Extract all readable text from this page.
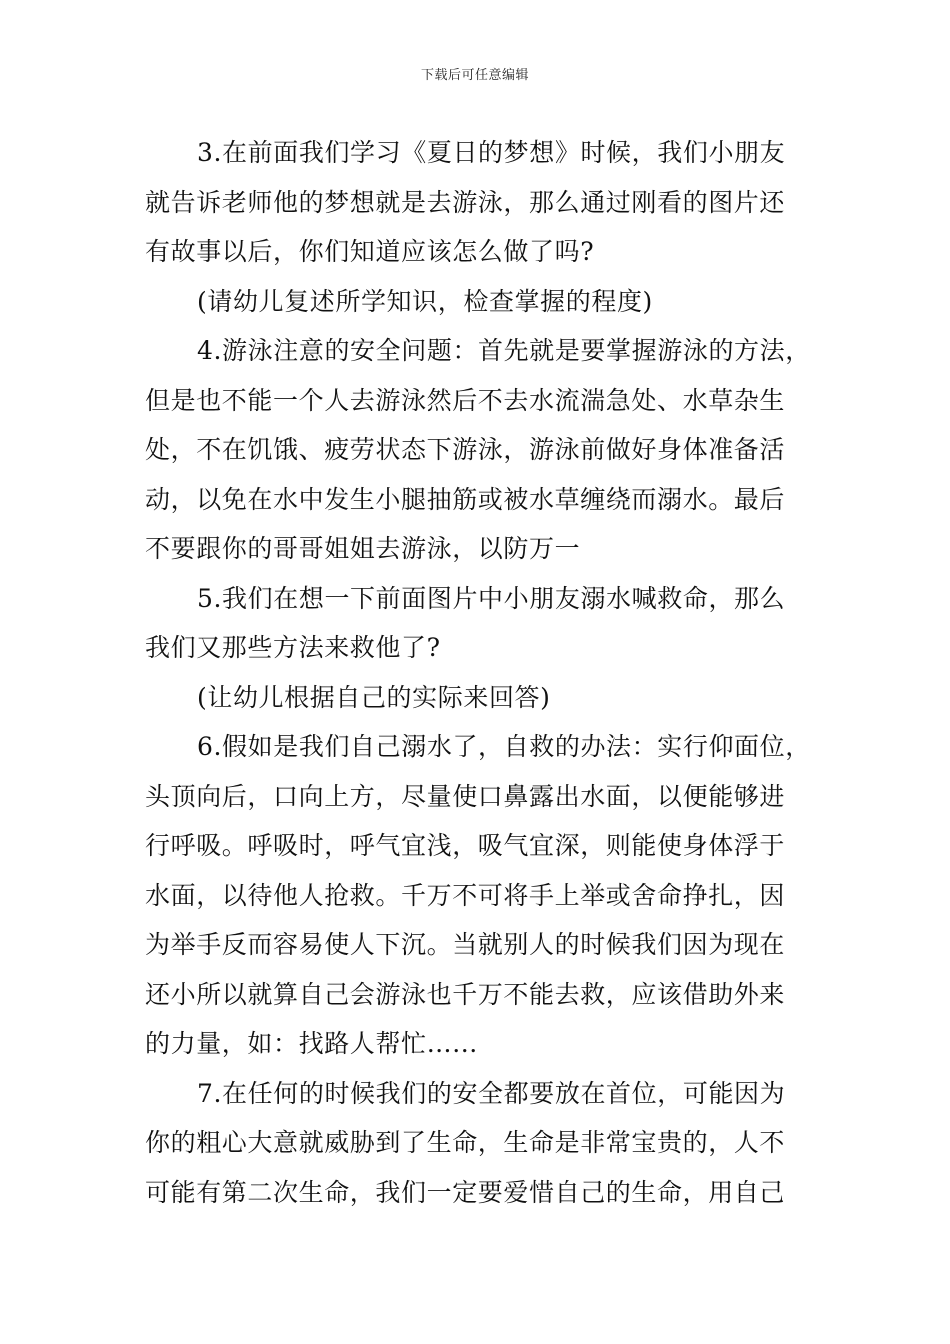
下载后可任意编辑
3.在前面我们学习《夏日的梦想》时候，我们小朋友
就告诉老师他的梦想就是去游泳，那么通过刚看的图片还
有故事以后，你们知道应该怎么做了吗?
(请幼儿复述所学知识，检查掌握的程度)
4.游泳注意的安全问题：首先就是要掌握游泳的方法，
但是也不能一个人去游泳然后不去水流湍急处、水草杂生
处，不在饥饿、疲劳状态下游泳，游泳前做好身体准备活
动，以免在水中发生小腿抽筋或被水草缠绕而溺水。最后
不要跟你的哥哥姐姐去游泳，以防万一
5.我们在想一下前面图片中小朋友溺水喊救命，那么
我们又那些方法来救他了?
(让幼儿根据自己的实际来回答)
6.假如是我们自己溺水了，自救的办法：实行仰面位，
头顶向后，口向上方，尽量使口鼻露出水面，以便能够进
行呼吸。呼吸时，呼气宜浅，吸气宜深，则能使身体浮于
水面，以待他人抢救。千万不可将手上举或舍命挣扎，因
为举手反而容易使人下沉。当就别人的时候我们因为现在
还小所以就算自己会游泳也千万不能去救，应该借助外来
的力量，如：找路人帮忙…...
7.在任何的时候我们的安全都要放在首位，可能因为
你的粗心大意就威胁到了生命，生命是非常宝贵的，人不
可能有第二次生命，我们一定要爱惜自己的生命，用自己
